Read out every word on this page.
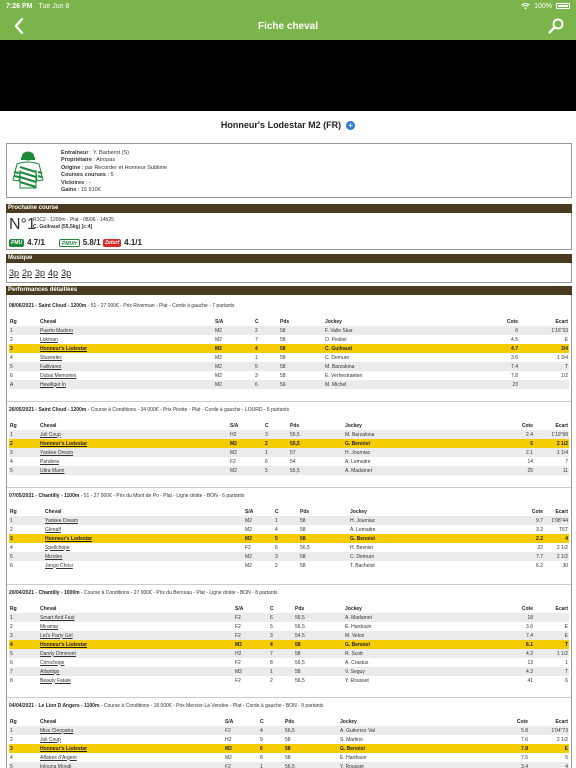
7:26 PM Tue Jun 8	100%
Fiche cheval
Honneur's Lodestar M2 (FR) +
Entraîneur : Y. Barberot (S)
Propriétaire : Atropas
Origine : par Recorder et Honneur Sublime
Courses courues : 5
Victoires : -
Gains : 15 910€
Prochaine course
N°1
R1C2 - 1200m - Plat - 08/06 - 14h25
C. Guilraud (55,5kg) [c:4]
PMU 4.7/1	PMUfr 5.8/1 Zeturf 4.1/1
Musique
3p 2p 3p 4p 3p
Performances détaillées
08/06/2021 - Saint Cloud - 1200m - 51 - 27 000€ - Prix Riverman - Plat - Corde à gauche - 7 partants
Rg	Cheval	S/A	C	Pds	Jockey	Cote	Ecart
1	Puerto Madero	M2	2	58	F. Valle Skar	6	1'16"33
2	Lokman	M2	7	58	O. Peslier	4.5	E
3	Honneur's Lodestar	M2	4	58	C. Guilraud	4.7	3/4
4	Stuzeelec	M2	1	58	C. Demuro	3.6	1 3/4
5	Fallivares	M2	5	58	M. Barzalona	7.4	T
6	Dubai Memories	M2	3	58	E. Verhestraeten	7.8	1/2
A	Hewillget In	M2	6	56	M. Michel	23	
26/05/2021 - Saint Cloud - 1200m - Course à Conditions - 34 000€ - Prix Pirette - Plat - Corde à gauche - LOURD - 5 partants
Rg	Cheval	S/A	C	Pds	Jockey	Cote	Ecart
1	Joli Coup	H2	3	55,5	M. Barzalona	2.4	1'19"98
2	Honneur's Lodestar	M2	2	55,5	G. Benoist	5	2 1/2
3	Yankee Dream	M2	1	57	H. Journiac	2.1	1 1/4
4	Pandora	F2	6	54	A. Lemaitre	14	7
5	Ultra Marin	M2	5	55,5	A. Madamet	25	11
07/05/2021 - Chantilly - 1100m - 51 - 27 000€ - Prix du Mont de Po - Plat - Ligne droite - BON - 6 partants
Rg	Cheval	S/A	C	Pds	Jockey	Cote	Ecart
1	Yankee Dream	M2	1	58	H. Journiac	9.7	1'08"44
2	Glenalf	M2	4	58	A. Lemaitre	3.2	T6T
3	Honneur's Lodestar	M2	5	58	G. Benoist	2.2	4
4	Spellchope	F2	6	56,5	H. Besnier	22	2 1/2
5	Mizoleo	M2	3	58	C. Demuro	7.7	2 1/2
6	Jongo Chrisi	M2	2	58	T. Bachelot	6.2	30
20/04/2021 - Chantilly - 1000m - Course à Conditions - 27 000€ - Prix du Berceau - Plat - Ligne droite - BON - 8 partants
Rg	Cheval	S/A	C	Pds	Jockey	Cote	Ecart
1	Smart And Fast	F2	6	56,5	A. Madamet	18	
2	Miramar	F2	5	56,5	E. Hardouin	3.6	E
3	Let's Party Girl	F2	3	54,5	M. Velon	7.4	E
4	Honneur's Lodestar	M2	4	58	G. Benoist	6.1	T
5	Dandy Dimmont	H2	7	58	R. Scott	4.2	1 1/2
6	Cirrochope	F2	8	56,5	A. Crastus	13	1
7	Atlantigo	M2	1	58	V. Seguy	4.3	T
8	Beauty Fatale	F2	2	56,5	Y. Rousset	41	6
04/04/2021 - Le Lion D Angers - 1100m - Course à Conditions - 18 000€ - Prix Mercier-La Vendee - Plat - Corde à gauche - BON - 9 partants
Rg	Cheval	S/A	C	Pds	Jockey	Cote	Ecart
1	Miss Cleopatra	F2	4	56,5	A. Gutierrez Val	5.8	1'04"73
2	Joli Coup	H2	9	58	S. Martino	7.6	2 1/2
3	Honneur's Lodestar	M2	6	58	G. Benoist	7.8	E
4	Affaires d'Argent	M2	8	58	E. Hardouin	7.5	5
5	Inlouna Mondi	F2	1	56,5	Y. Rousset	3.4	4
